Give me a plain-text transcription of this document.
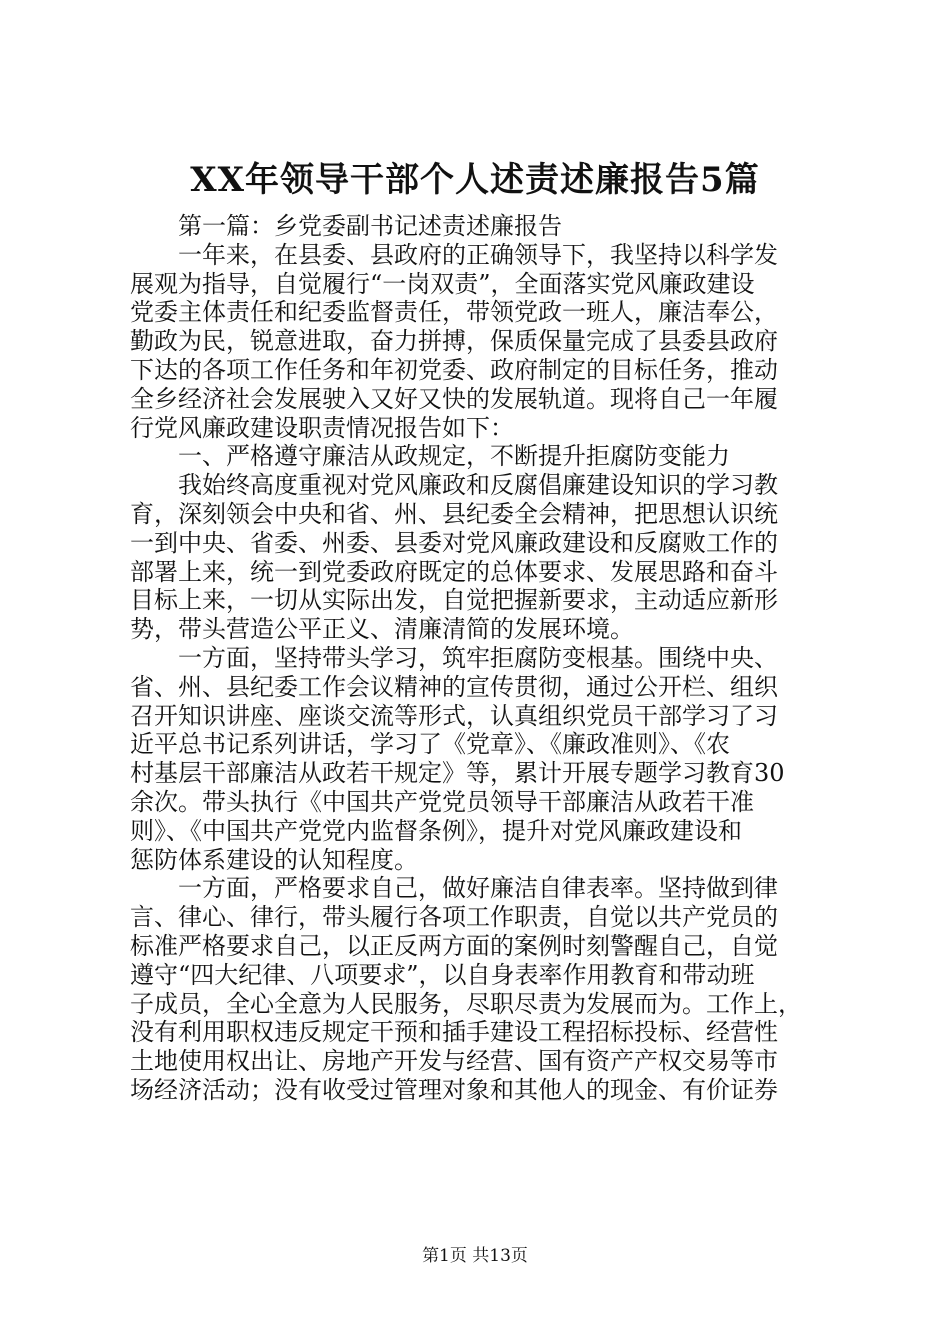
XX年领导干部个人述责述廉报告5篇
第一篇：乡党委副书记述责述廉报告
一年来，在县委、县政府的正确领导下，我坚持以科学发
展观为指导，自觉履行“一岗双责”，全面落实党风廉政建设
党委主体责任和纪委监督责任，带领党政一班人，廉洁奉公，
勤政为民，锐意进取，奋力拼搏，保质保量完成了县委县政府
下达的各项工作任务和年初党委、政府制定的目标任务，推动
全乡经济社会发展驶入又好又快的发展轨道。现将自己一年履
行党风廉政建设职责情况报告如下：
一、严格遵守廉洁从政规定，不断提升拒腐防变能力
我始终高度重视对党风廉政和反腐倡廉建设知识的学习教
育，深刻领会中央和省、州、县纪委全会精神，把思想认识统
一到中央、省委、州委、县委对党风廉政建设和反腐败工作的
部署上来，统一到党委政府既定的总体要求、发展思路和奋斗
目标上来，一切从实际出发，自觉把握新要求，主动适应新形
势，带头营造公平正义、清廉清简的发展环境。
一方面，坚持带头学习，筑牢拒腐防变根基。围绕中央、
省、州、县纪委工作会议精神的宣传贯彻，通过公开栏、组织
召开知识讲座、座谈交流等形式，认真组织党员干部学习了习
近平总书记系列讲话，学习了《党章》、《廉政准则》、《农
村基层干部廉洁从政若干规定》等，累计开展专题学习教育30
余次。带头执行《中国共产党党员领导干部廉洁从政若干准
则》、《中国共产党党内监督条例》，提升对党风廉政建设和
惩防体系建设的认知程度。
一方面，严格要求自己，做好廉洁自律表率。坚持做到律
言、律心、律行，带头履行各项工作职责，自觉以共产党员的
标准严格要求自己，以正反两方面的案例时刻警醒自己，自觉
遵守“四大纪律、八项要求”，以自身表率作用教育和带动班
子成员，全心全意为人民服务，尽职尽责为发展而为。工作上，
没有利用职权违反规定干预和插手建设工程招标投标、经营性
土地使用权出让、房地产开发与经营、国有资产产权交易等市
场经济活动；没有收受过管理对象和其他人的现金、有价证券
第1页 共13页
